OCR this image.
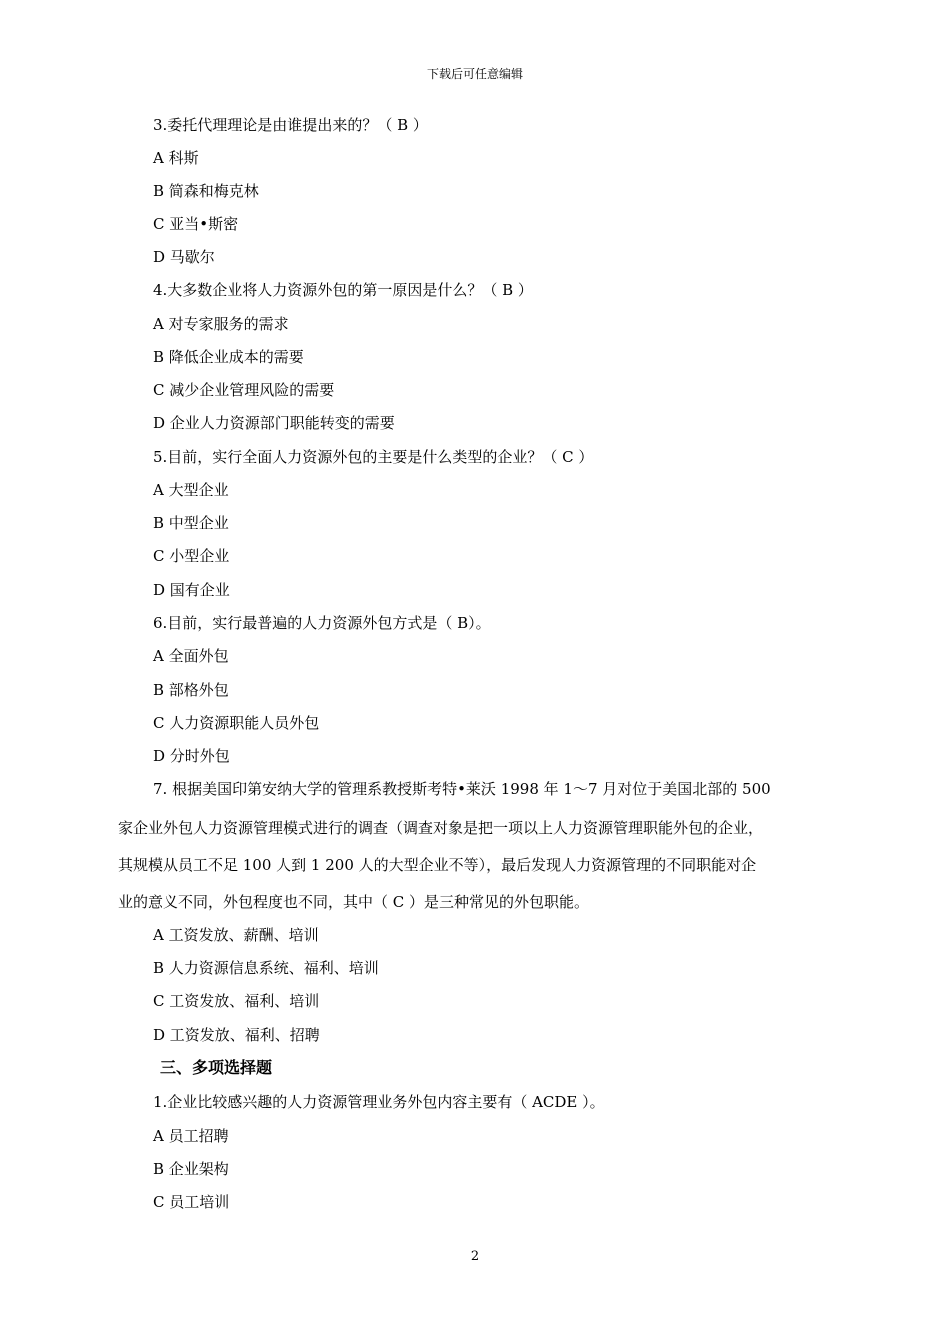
下载后可任意编辑
3.委托代理理论是由谁提出来的？（ B ）
A 科斯
B 简森和梅克林
C 亚当•斯密
D 马歇尔
4.大多数企业将人力资源外包的第一原因是什么？（ B ）
A 对专家服务的需求
B 降低企业成本的需要
C 减少企业管理风险的需要
D 企业人力资源部门职能转变的需要
5.目前，实行全面人力资源外包的主要是什么类型的企业？（ C ）
A 大型企业
B 中型企业
C 小型企业
D 国有企业
6.目前，实行最普遍的人力资源外包方式是（ B）。
A 全面外包
B 部格外包
C 人力资源职能人员外包
D 分时外包
7. 根据美国印第安纳大学的管理系教授斯考特•莱沃 1998 年 1～7 月对位于美国北部的 500
家企业外包人力资源管理模式进行的调查（调查对象是把一项以上人力资源管理职能外包的企业，
其规模从员工不足 100 人到 1 200 人的大型企业不等），最后发现人力资源管理的不同职能对企
业的意义不同，外包程度也不同，其中（ C ）是三种常见的外包职能。
A 工资发放、薪酬、培训
B 人力资源信息系统、福利、培训
C 工资发放、福利、培训
D 工资发放、福利、招聘
三、多项选择题
1.企业比较感兴趣的人力资源管理业务外包内容主要有（ ACDE ）。
A 员工招聘
B 企业架构
C 员工培训
2
